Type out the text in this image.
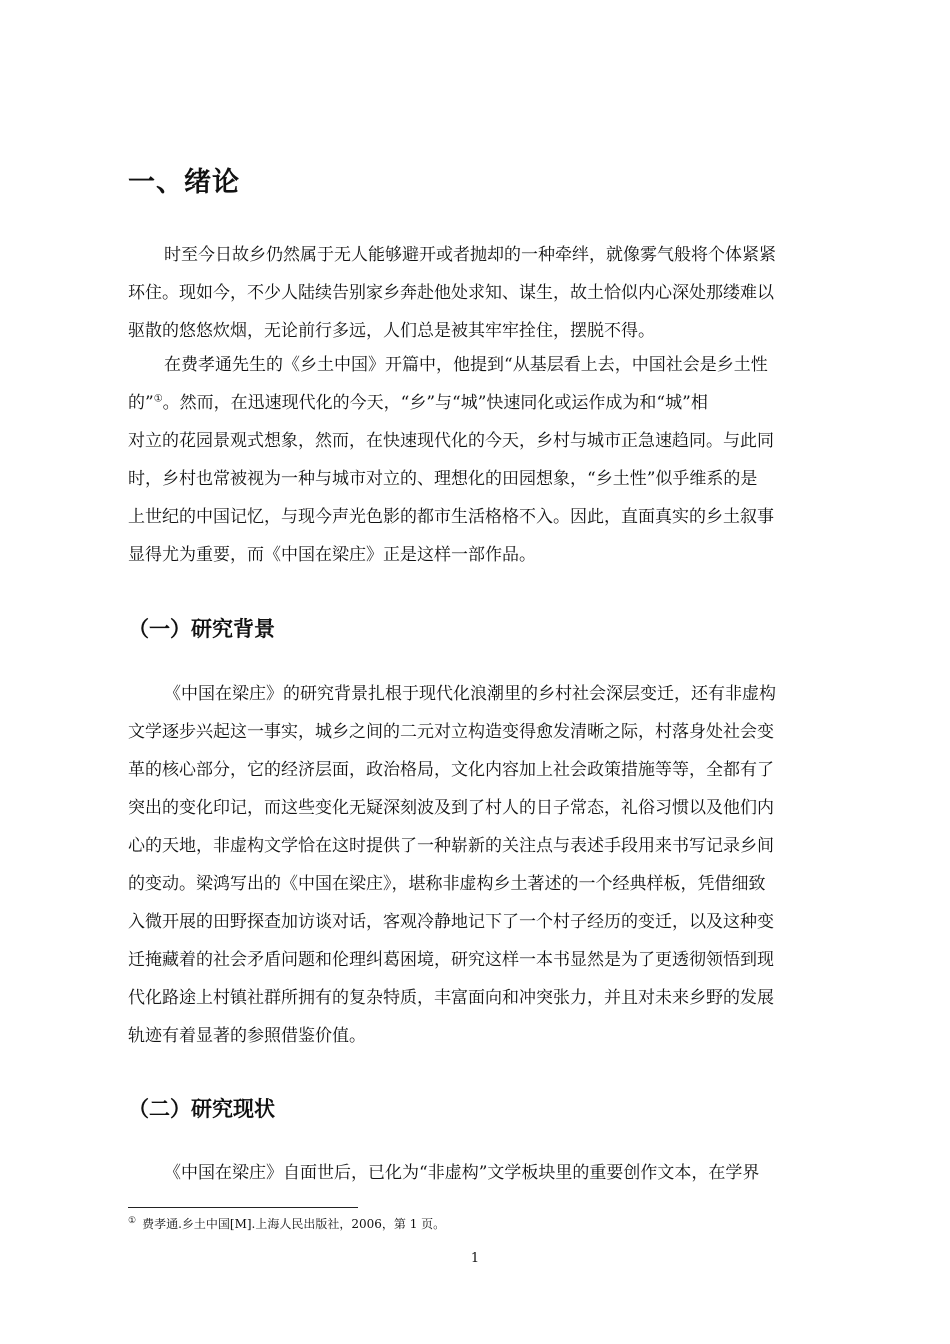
一、绪论
时至今日故乡仍然属于无人能够避开或者抛却的一种牵绊，就像雾气般将个体紧紧
环住。现如今，不少人陆续告别家乡奔赴他处求知、谋生，故土恰似内心深处那缕难以
驱散的悠悠炊烟，无论前行多远，人们总是被其牢牢拴住，摆脱不得。
在费孝通先生的《乡土中国》开篇中，他提到“从基层看上去，中国社会是乡土性
的”①。然而，在迅速现代化的今天，“乡”与“城”快速同化或运作成为和“城”相
对立的花园景观式想象，然而，在快速现代化的今天，乡村与城市正急速趋同。与此同
时，乡村也常被视为一种与城市对立的、理想化的田园想象，“乡土性”似乎维系的是
上世纪的中国记忆，与现今声光色影的都市生活格格不入。因此，直面真实的乡土叙事
显得尤为重要，而《中国在梁庄》正是这样一部作品。
（一）研究背景
《中国在梁庄》的研究背景扎根于现代化浪潮里的乡村社会深层变迁，还有非虚构
文学逐步兴起这一事实，城乡之间的二元对立构造变得愈发清晰之际，村落身处社会变
革的核心部分，它的经济层面，政治格局，文化内容加上社会政策措施等等，全都有了
突出的变化印记，而这些变化无疑深刻波及到了村人的日子常态，礼俗习惯以及他们内
心的天地，非虚构文学恰在这时提供了一种崭新的关注点与表述手段用来书写记录乡间
的变动。梁鸿写出的《中国在梁庄》，堪称非虚构乡土著述的一个经典样板，凭借细致
入微开展的田野探查加访谈对话，客观冷静地记下了一个村子经历的变迁，以及这种变
迁掩藏着的社会矛盾问题和伦理纠葛困境，研究这样一本书显然是为了更透彻领悟到现
代化路途上村镇社群所拥有的复杂特质，丰富面向和冲突张力，并且对未来乡野的发展
轨迹有着显著的参照借鉴价值。
（二）研究现状
《中国在梁庄》自面世后，已化为“非虚构”文学板块里的重要创作文本，在学界
① 费孝通.乡土中国[M].上海人民出版社，2006，第 1 页。
1
